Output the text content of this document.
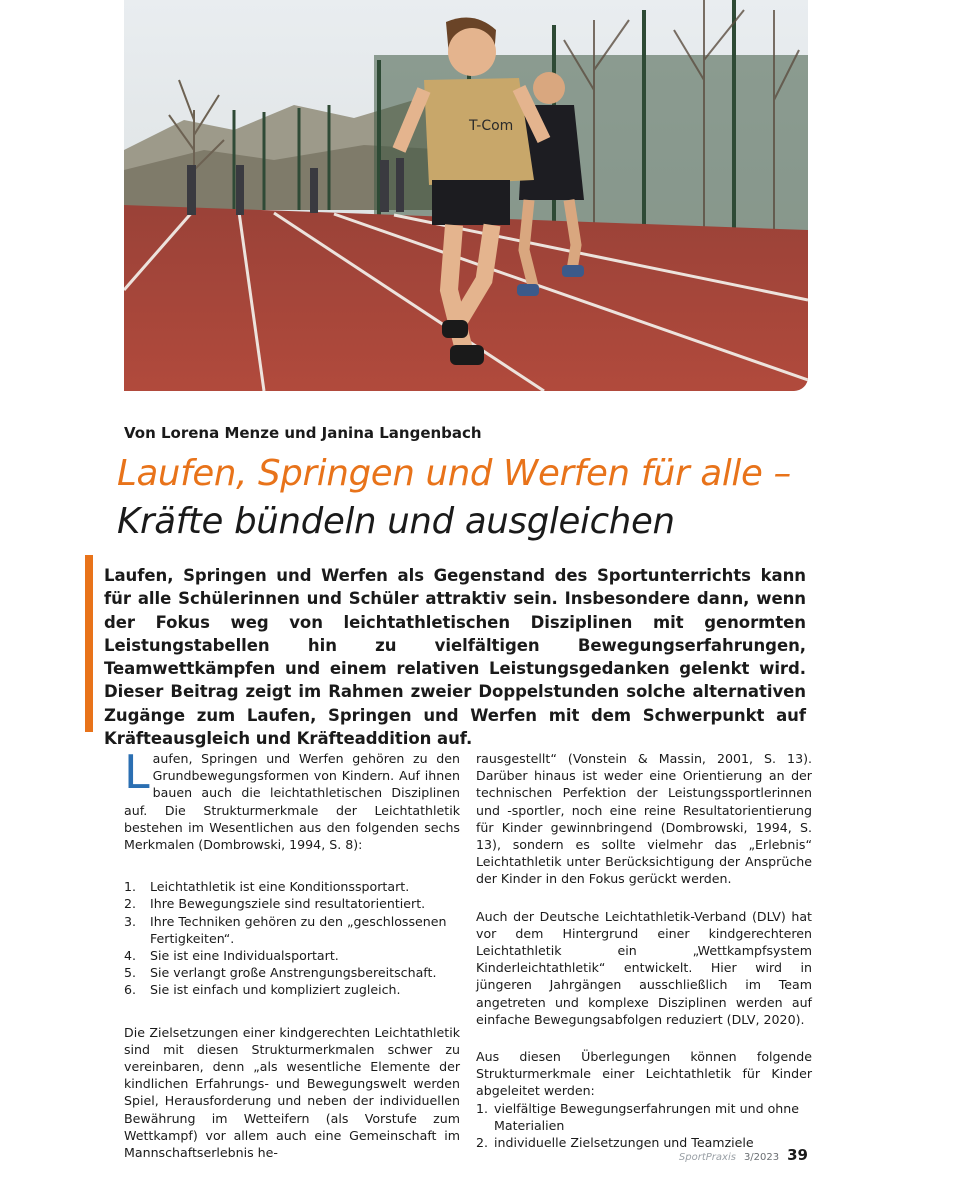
T-Com

Von Lorena Menze und Janina Langenbach

Laufen, Springen und Werfen für alle –
Kräfte bündeln und ausgleichen

Laufen, Springen und Werfen als Gegenstand des Sportunterrichts kann für alle Schülerinnen und Schüler attraktiv sein. Insbesondere dann, wenn der Fokus weg von leichtathletischen Disziplinen mit genormten Leistungstabellen hin zu vielfältigen Bewegungserfahrungen, Teamwettkämpfen und einem relativen Leistungsgedanken gelenkt wird. Dieser Beitrag zeigt im Rahmen zweier Doppelstunden solche alternativen Zugänge zum Laufen, Springen und Werfen mit dem Schwerpunkt auf Kräfteausgleich und Kräfteaddition auf.

Laufen, Springen und Werfen gehören zu den Grundbewegungsformen von Kindern. Auf ihnen bauen auch die leichtathletischen Disziplinen auf. Die Strukturmerkmale der Leichtathletik bestehen im Wesentlichen aus den folgenden sechs Merkmalen (Dombrowski, 1994, S. 8):

1.	Leichtathletik ist eine Konditionssportart.
2.	Ihre Bewegungsziele sind resultatorientiert.
3.	Ihre Techniken gehören zu den „geschlossenen Fertigkeiten“.
4.	Sie ist eine Individualsportart.
5.	Sie verlangt große Anstrengungsbereitschaft.
6.	Sie ist einfach und kompliziert zugleich.

Die Zielsetzungen einer kindgerechten Leichtathletik sind mit diesen Strukturmerkmalen schwer zu vereinbaren, denn „als wesentliche Elemente der kindlichen Erfahrungs- und Bewegungswelt werden Spiel, Herausforderung und neben der individuellen Bewährung im Wetteifern (als Vorstufe zum Wettkampf) vor allem auch eine Gemeinschaft im Mannschaftserlebnis he-

rausgestellt“ (Vonstein & Massin, 2001, S. 13). Darüber hinaus ist weder eine Orientierung an der technischen Perfektion der Leistungssportlerinnen und -sportler, noch eine reine Resultatorientierung für Kinder gewinnbringend (Dombrowski, 1994, S. 13), sondern es sollte vielmehr das „Erlebnis“ Leichtathletik unter Berücksichtigung der Ansprüche der Kinder in den Fokus gerückt werden.

Auch der Deutsche Leichtathletik-Verband (DLV) hat vor dem Hintergrund einer kindgerechteren Leichtathletik ein „Wettkampfsystem Kinderleichtathletik“ entwickelt. Hier wird in jüngeren Jahrgängen ausschließlich im Team angetreten und komplexe Disziplinen werden auf einfache Bewegungsabfolgen reduziert (DLV, 2020).

Aus diesen Überlegungen können folgende Strukturmerkmale einer Leichtathletik für Kinder abgeleitet werden:

1. vielfältige Bewegungserfahrungen mit und ohne Materialien
2. individuelle Zielsetzungen und Teamziele
SportPraxis 3/2023 39
